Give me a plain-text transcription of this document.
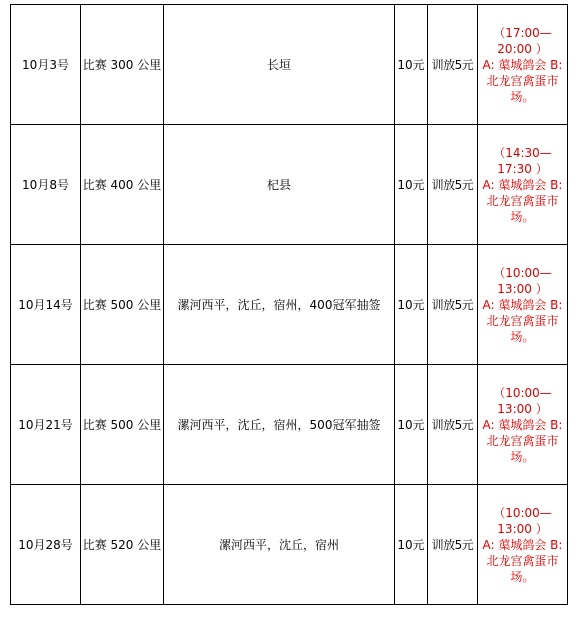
10月3号	比赛 300 公里	长垣	10元	训放5元	（17:00—
20:00 ）
A: 蕖城鸽会 B:
北龙宫禽蛋市
场。

10月8号	比赛 400 公里	杞县	10元	训放5元	（14:30—
17:30 ）
A: 蕖城鸽会 B:
北龙宫禽蛋市
场。

10月14号	比赛 500 公里	漯河西平，沈丘，宿州，400冠军抽签	10元	训放5元	（10:00—
13:00 ）
A: 蕖城鸽会 B:
北龙宫禽蛋市
场。

10月21号	比赛 500 公里	漯河西平，沈丘，宿州，500冠军抽签	10元	训放5元	（10:00—
13:00 ）
A: 蕖城鸽会 B:
北龙宫禽蛋市
场。

10月28号	比赛 520 公里	漯河西平，沈丘，宿州	10元	训放5元	（10:00—
13:00 ）
A: 蕖城鸽会 B:
北龙宫禽蛋市
场。
